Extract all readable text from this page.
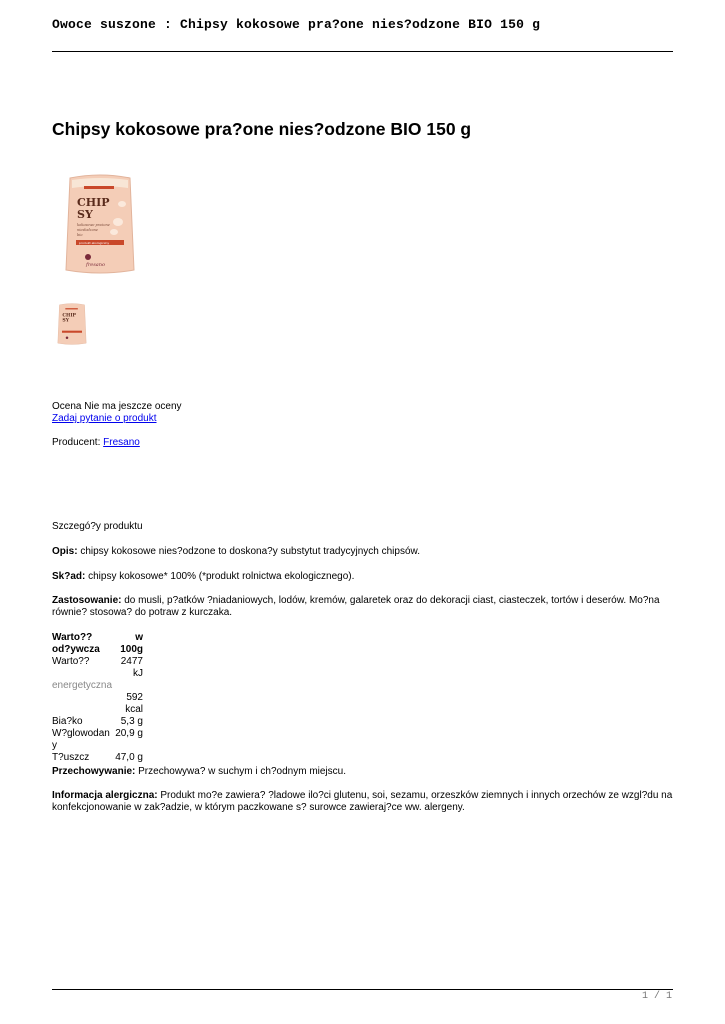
Owoce suszone : Chipsy kokosowe pra?one nies?odzone BIO 150 g
Chipsy kokosowe pra?one nies?odzone BIO 150 g
CHIP
SY
kokosowe prażone
niesłodzone
bio
produkt ekologiczny
fresano
CHIP
SY
Ocena Nie ma jeszcze oceny
Zadaj pytanie o produkt
Producent: Fresano
Szczegó?y produktu
Opis: chipsy kokosowe nies?odzone to doskona?y substytut tradycyjnych chipsów.
Sk?ad: chipsy kokosowe* 100% (*produkt rolnictwa ekologicznego).
Zastosowanie: do musli, p?atków ?niadaniowych, lodów, kremów, galaretek oraz do dekoracji ciast, ciasteczek, tortów i deserów. Mo?na
równie? stosowa? do potraw z kurczaka.
Warto??	w
od?ywcza	100g
Warto??	2477
	kJ
energetyczna	
	592
	kcal
Bia?ko	5,3 g
W?glowodan	20,9 g
y	
T?uszcz	47,0 g
Przechowywanie: Przechowywa? w suchym i ch?odnym miejscu.
Informacja alergiczna: Produkt mo?e zawiera? ?ladowe ilo?ci glutenu, soi, sezamu, orzeszków ziemnych i innych orzechów ze wzgl?du na
konfekcjonowanie w zak?adzie, w którym paczkowane s? surowce zawieraj?ce ww. alergeny.
1 / 1
